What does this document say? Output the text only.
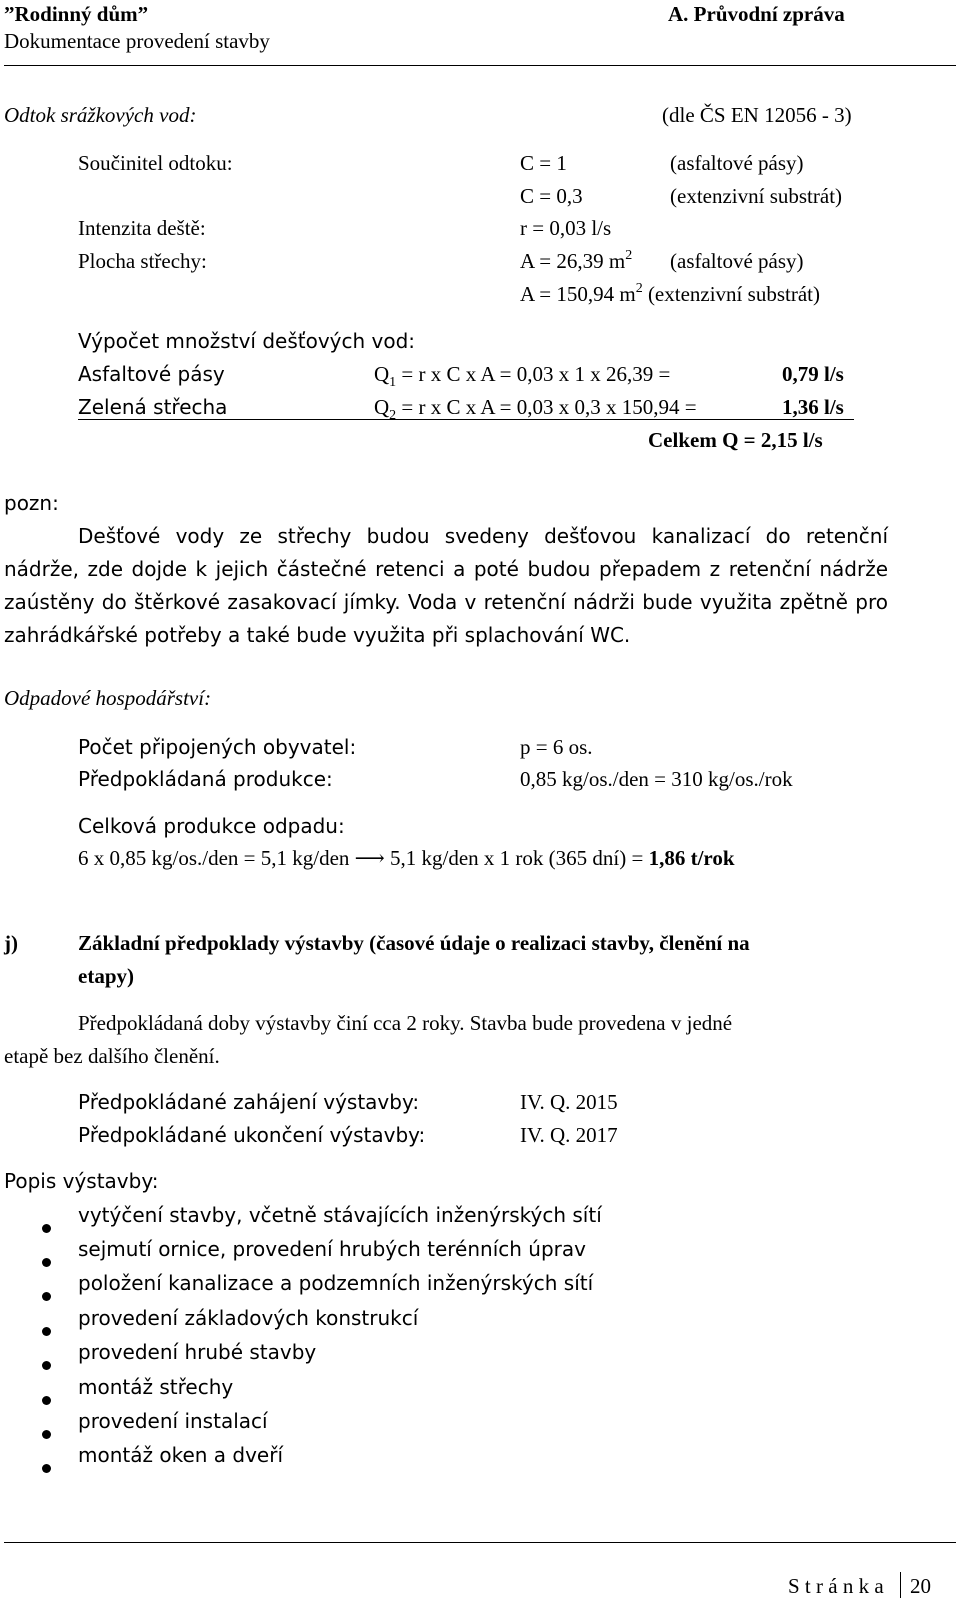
”Rodinný dům”
Dokumentace provedení stavby
A. Průvodní zpráva
Odtok srážkových vod:	(dle ČS EN 12056 - 3)
Součinitel odtoku:	C = 1	(asfaltové pásy)
C = 0,3	(extenzivní substrát)
Intenzita deště:	r = 0,03 l/s
Plocha střechy:	A = 26,39 $m^2$ (asfaltové pásy)
A = 150,94 $m^2$ (extenzivní substrát)
Výpočet množství dešťových vod:
Asfaltové pásy	$Q_1 = r$ x C x A = 0,03 x 1 x 26,39 =	0,79 l/s
Zelená střecha	$Q_2 = r$ x C x A = 0,03 x 0,3 x 150,94 =	1,36 l/s
Celkem Q = 2,15 l/s
pozn:
Dešťové vody ze střechy budou svedeny dešťovou kanalizací do retenční nádrže, zde dojde k jejich částečné retenci a poté budou přepadem z retenční nádrže zaústěny do štěrkové zasakovací jímky. Voda v retenční nádrži bude využita zpětně pro zahrádkářské potřeby a také bude využita při splachování WC.
Odpadové hospodářství:
Počet připojených obyvatel:	p = 6 os.
Předpokládaná produkce:	0,85 kg/os./den = 310 kg/os./rok
Celková produkce odpadu:
6 x 0,85 kg/os./den = 5,1 kg/den ⟶ 5,1 kg/den x 1 rok (365 dní) = 1,86 t/rok
j)	Základní předpoklady výstavby (časové údaje o realizaci stavby, členění na
etapy)
Předpokládaná doby výstavby činí cca 2 roky. Stavba bude provedena v jedné
etapě bez dalšího členění.
Předpokládané zahájení výstavby:	IV. Q. 2015
Předpokládané ukončení výstavby:	IV. Q. 2017
Popis výstavby:
vytýčení stavby, včetně stávajících inženýrských sítí
sejmutí ornice, provedení hrubých terénních úprav
položení kanalizace a podzemních inženýrských sítí
provedení základových konstrukcí
provedení hrubé stavby
montáž střechy
provedení instalací
montáž oken a dveří
S t r á n k a 20
